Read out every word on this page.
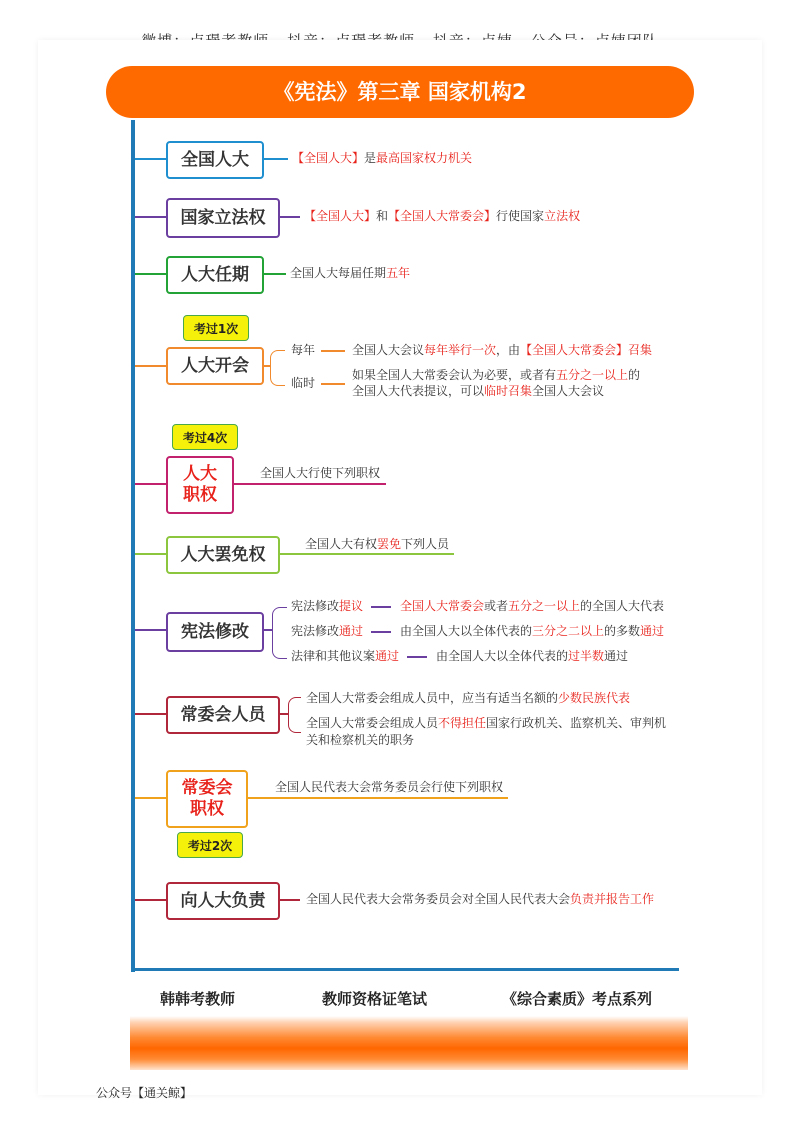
《宪法》第三章 国家机构2
全国人大	【全国人大】是最高国家权力机关
国家立法权	【全国人大】和【全国人大常委会】行使国家立法权
人大任期	全国人大每届任期五年
考过1次
人大开会
每年	全国人大会议每年举行一次，由【全国人大常委会】召集
临时
如果全国人大常委会认为必要，或者有五分之一以上的
全国人大代表提议，可以临时召集全国人大会议
考过4次
人大
职权
全国人大行使下列职权
人大罢免权
全国人大有权罢免下列人员
宪法修改
宪法修改提议	全国人大常委会或者五分之一以上的全国人大代表
宪法修改通过	由全国人大以全体代表的三分之二以上的多数通过
法律和其他议案通过	由全国人大以全体代表的过半数通过
常委会人员
全国人大常委会组成人员中，应当有适当名额的少数民族代表
全国人大常委会组成人员不得担任国家行政机关、监察机关、审判机
关和检察机关的职务
常委会
职权
全国人民代表大会常务委员会行使下列职权
考过2次
向人大负责	全国人民代表大会常务委员会对全国人民代表大会负责并报告工作
韩韩考教师	教师资格证笔试	《综合素质》考点系列
公众号【通关鲸】
